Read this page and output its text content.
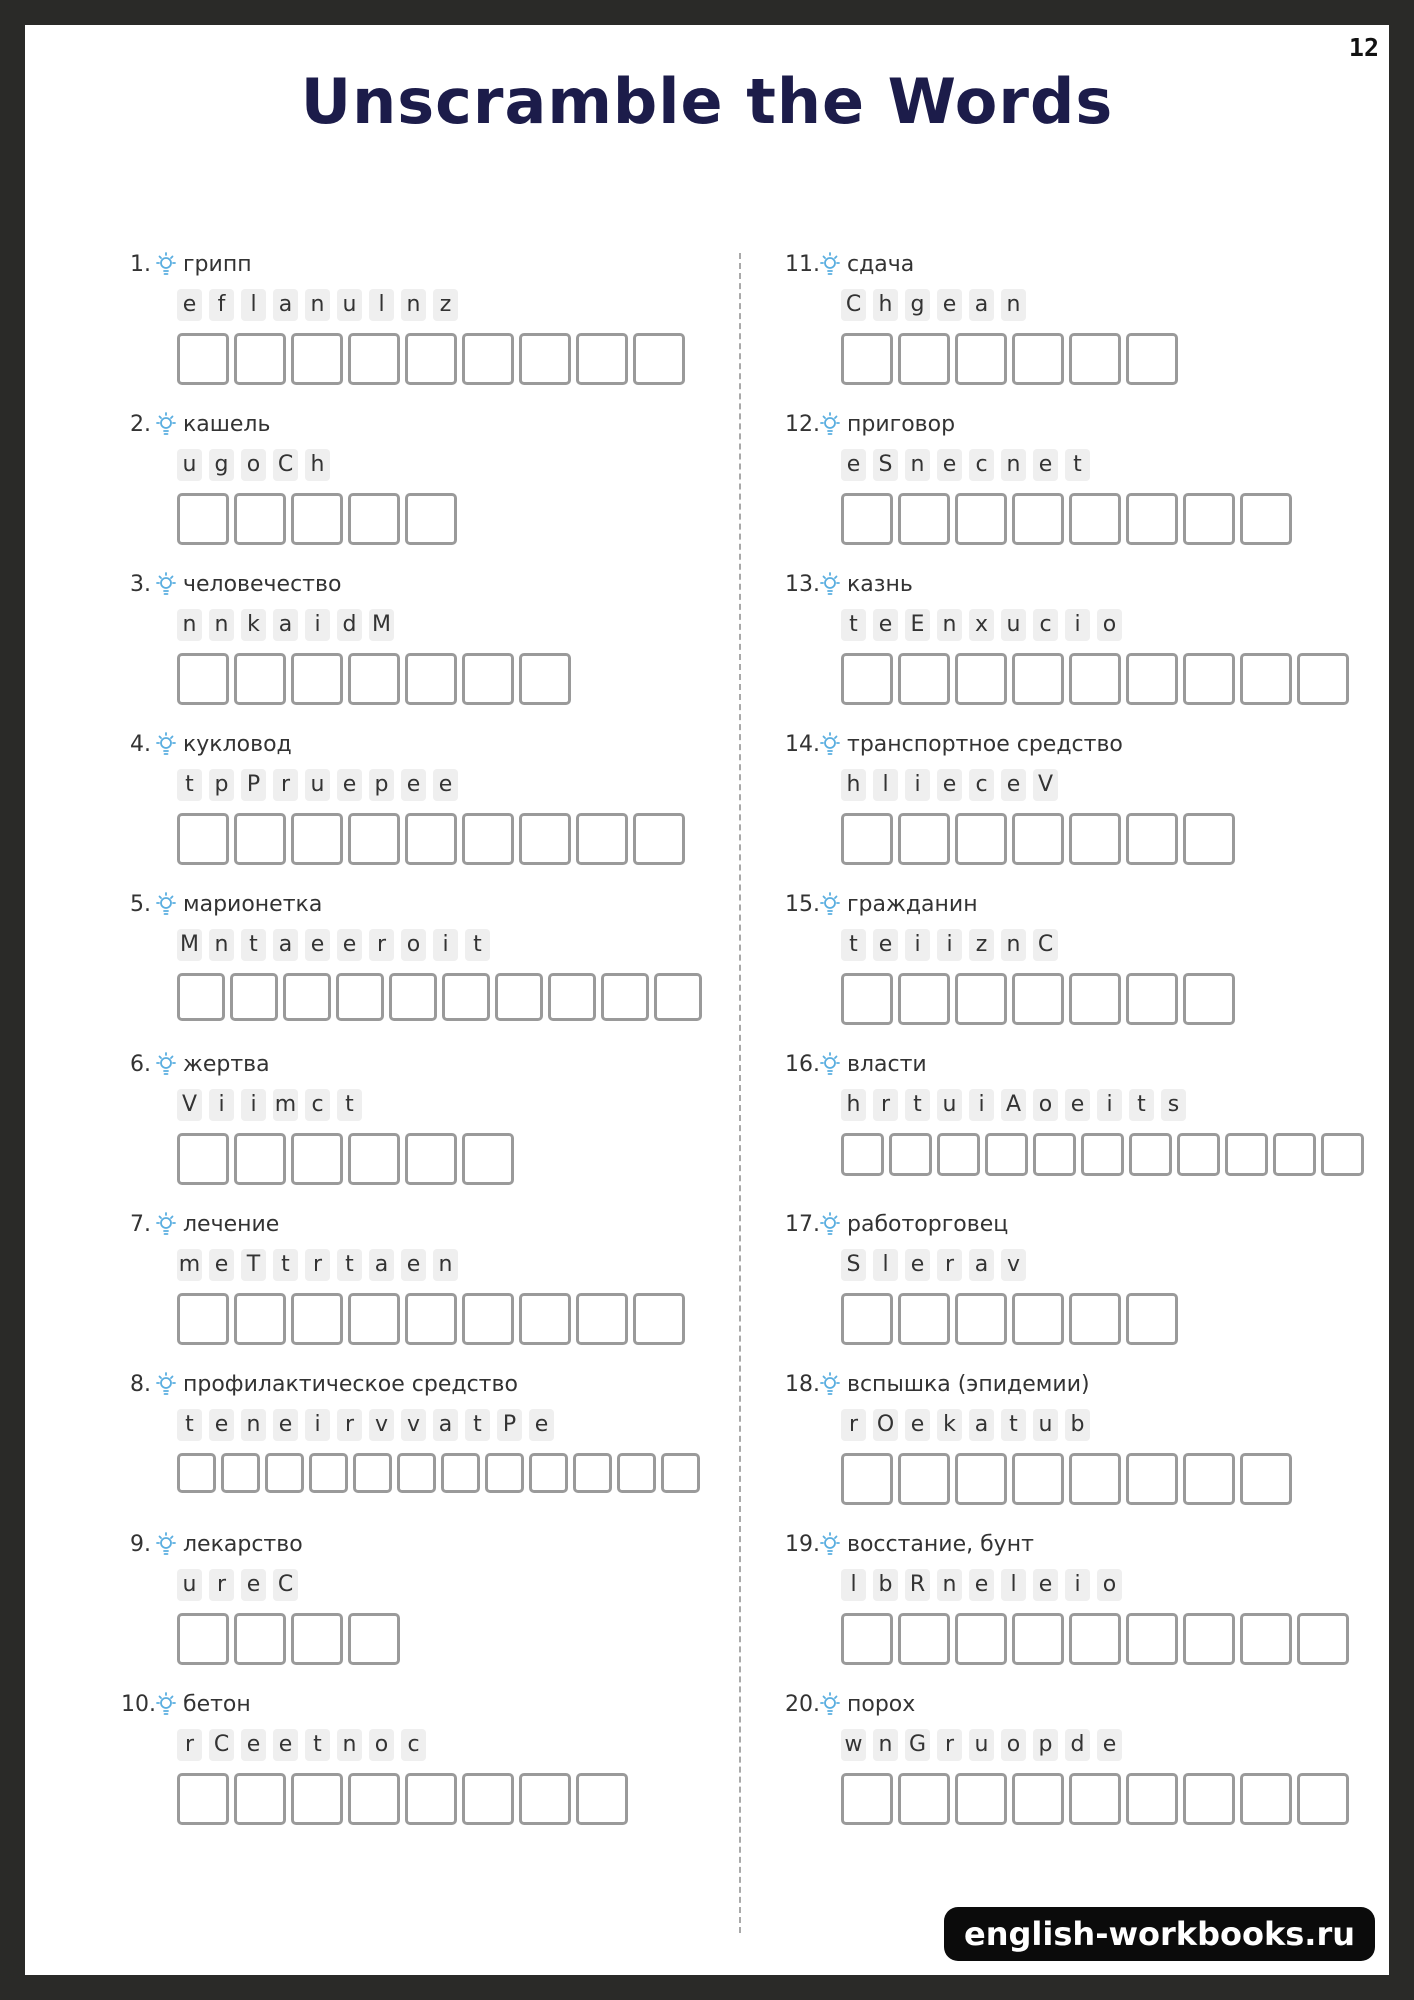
12
Unscramble the Words
1. грипп
e f	l	a n u l n z
2. кашель
u g o C h
3. человечество
n n k a	i d M
4. кукловод
t p P r u e p e e
5. марионетка
M n t a e e r o	i	t
6. жертва
V i	i m c t
7. лечение
m e T t	r	t a e n
8. профилактическое средство
t e n e	i	r v v a t P e
9. лекарство
u r e C
10. бетон
r C e e t n o c
11. сдача
C h g e a n
12. приговор
e S n e c n e t
13. казнь
t e E n x u c	i	o
14. транспортное средство
h l	i	e c e V
15. гражданин
t e	i	i	z n C
16. власти
h r	t u i A o e	i	t s
17. работорговец
S l	e r a v
18. вспышка (эпидемии)
r O e k a t u b
19. восстание, бунт
l b R n e	l	e	i	o
20. порох
w n G r u o p d e
english-workbooks.ru
